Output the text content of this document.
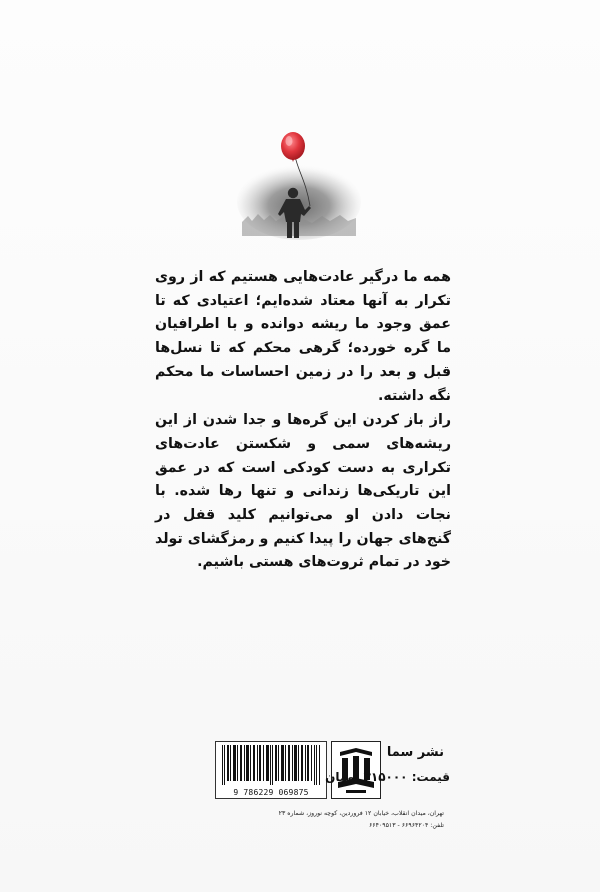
همه ما درگیر عادت‌هایی هستیم که از روی تکرار به آنها معتاد شده‌ایم؛ اعتیادی که تا عمق وجود ما ریشه دوانده و با اطرافیان ما گره خورده؛ گرهی محکم که تا نسل‌ها قبل و بعد را در زمین احساسات ما محکم نگه داشته.

راز باز کردن این گره‌ها و جدا شدن از این ریشه‌های سمی و شکستن عادت‌های تکراری به دست کودکی است که در عمق این تاریکی‌ها زندانی و تنها رها شده. با نجات دادن او می‌توانیم کلید قفل در گنج‌های جهان را پیدا کنیم و رمزگشای تولد خود در تمام ثروت‌های هستی باشیم.

9 786229 069875
نشر سما
قیمت: ۲۱۵۰۰۰ تومان
تهران، میدان انقلاب، خیابان ۱۲ فروردین، کوچه نوروز، شماره ۲۳
تلفن: ۶۶۹۶۴۲۰۴ - ۶۶۴۰۹۵۱۳
